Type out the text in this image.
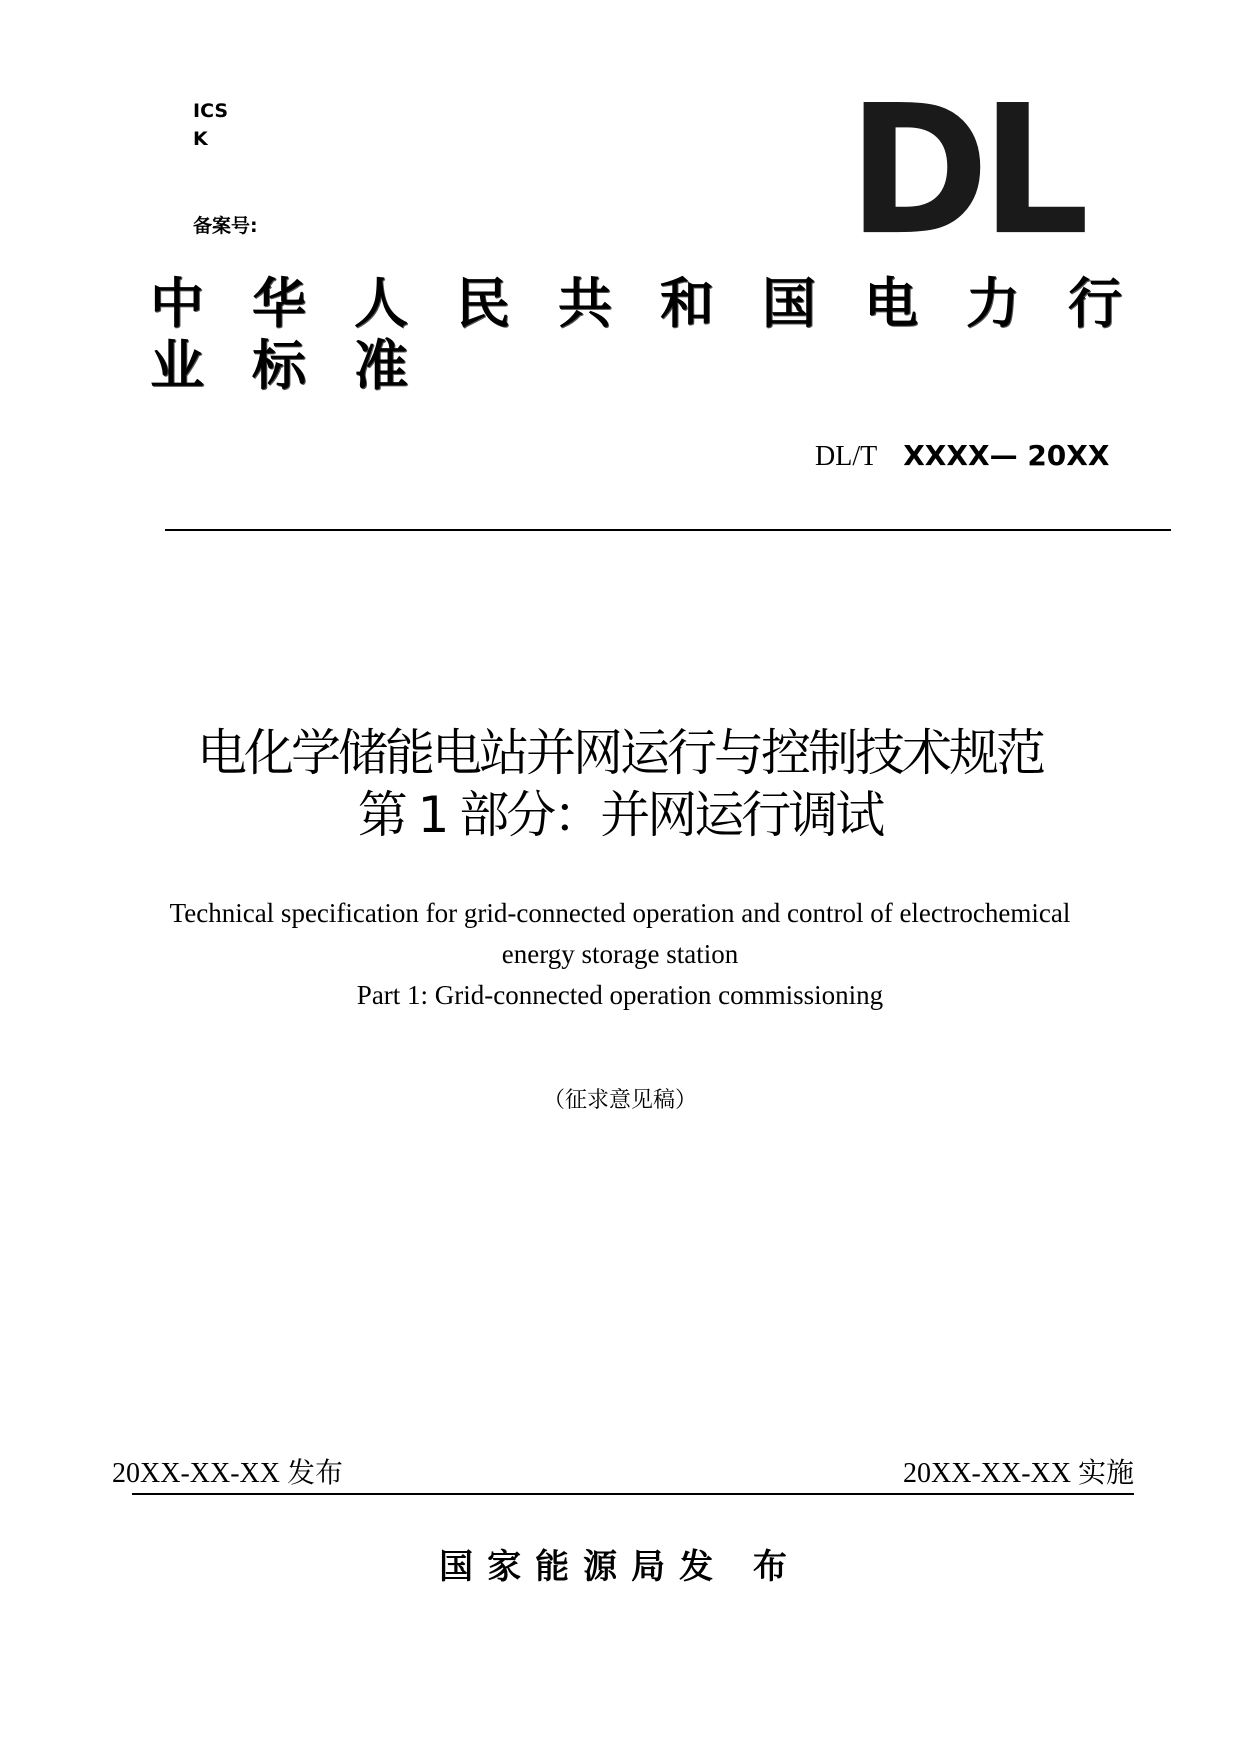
ICS
K
备案号:	DL
中华人民共和国电力行业标准
DL/T XXXX— 20XX
电化学储能电站并网运行与控制技术规范
第 1 部分：并网运行调试
Technical specification for grid-connected operation and control of electrochemical
energy storage station
Part 1: Grid-connected operation commissioning
（征求意见稿）
20XX-XX-XX 发布	20XX-XX-XX 实施
国家能源局发 布
